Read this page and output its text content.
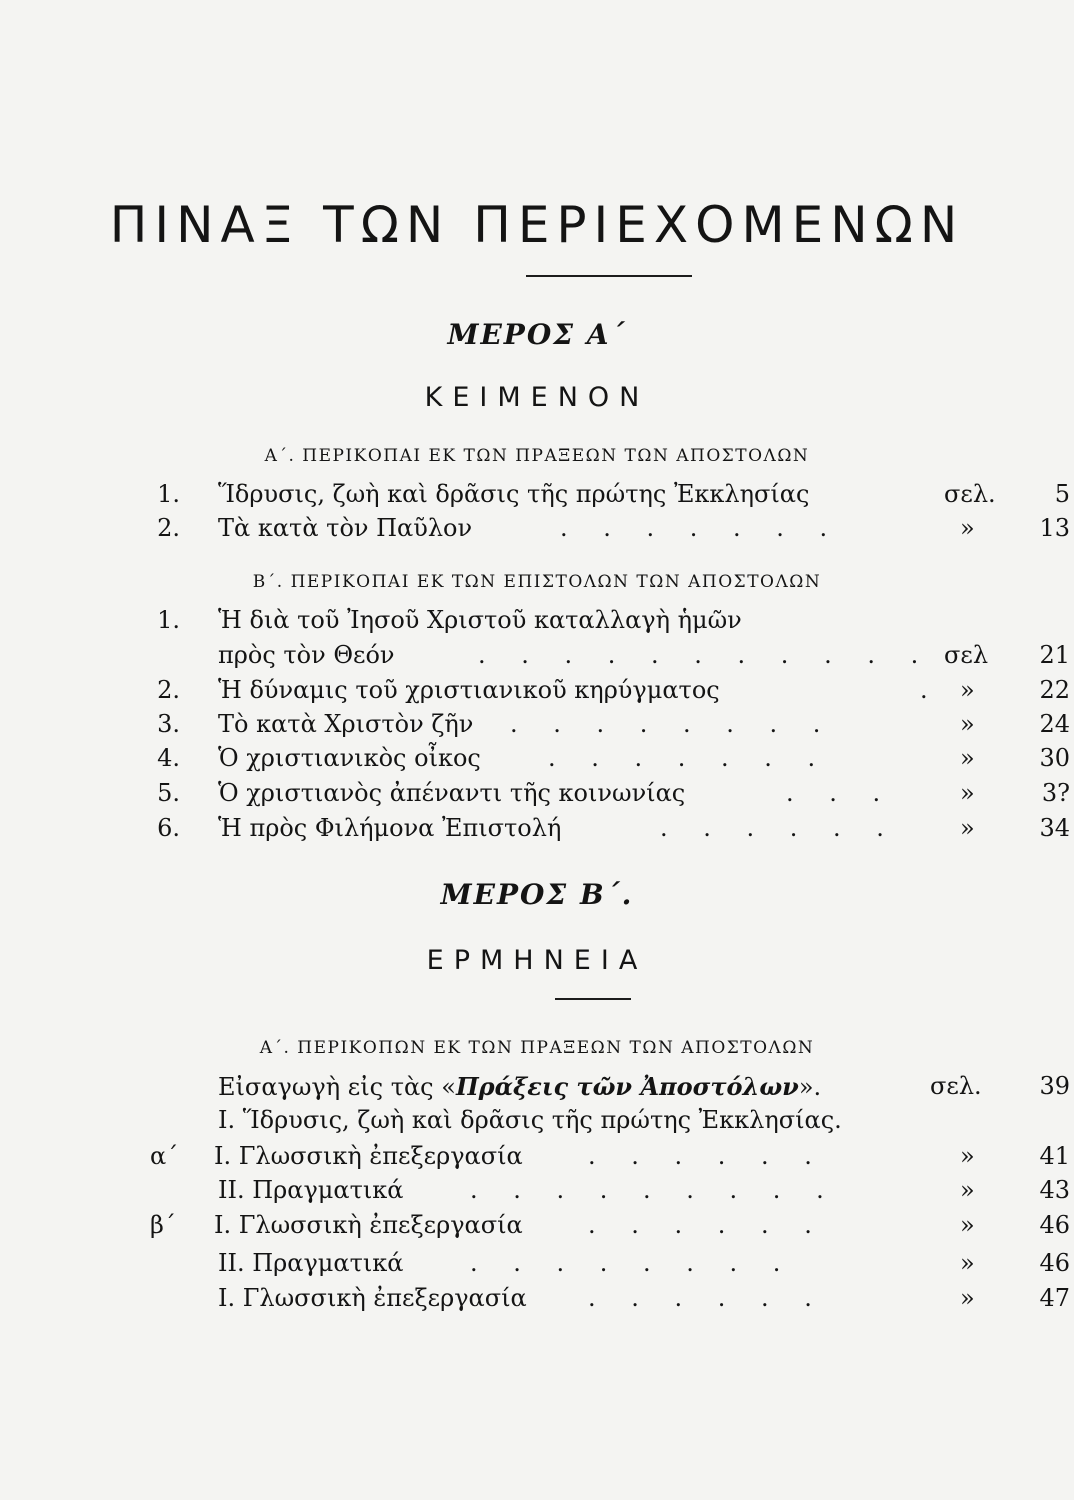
ΠΙΝΑΞ ΤΩΝ ΠΕΡΙΕΧΟΜΕΝΩΝ
ΜΕΡΟΣ Α΄
ΚΕΙΜΕΝΟΝ
Α΄. ΠΕΡΙΚΟΠΑΙ ΕΚ ΤΩΝ ΠΡΑΞΕΩΝ ΤΩΝ ΑΠΟΣΤΟΛΩΝ
1. Ἵδρυσις, ζωὴ καὶ δρᾶσις τῆς πρώτης Ἐκκλησίας	σελ. 5
2. Τὰ κατὰ τὸν Παῦλον	. . . . . . .	»	13
Β΄. ΠΕΡΙΚΟΠΑΙ ΕΚ ΤΩΝ ΕΠΙΣΤΟΛΩΝ ΤΩΝ ΑΠΟΣΤΟΛΩΝ
1. Ἡ διὰ τοῦ Ἰησοῦ Χριστοῦ καταλλαγὴ ἡμῶν
πρὸς τὸν Θεόν	. . . . . . . . . . . σελ 21
2. Ἡ δύναμις τοῦ χριστιανικοῦ κηρύγματος	. »	22
3. Τὸ κατὰ Χριστὸν ζῆν . . . . . . . .	»	24
4. Ὁ χριστιανικὸς οἶκος	. . . . . . .	»	30
5. Ὁ χριστιανὸς ἀπέναντι τῆς κοινωνίας	. . .	»	3?
6. Ἡ πρὸς Φιλήμονα Ἐπιστολή	. . . . . .	»	34
ΜΕΡΟΣ Β΄.
ΕΡΜΗΝΕΙΑ
Α΄. ΠΕΡΙΚΟΠΩΝ ΕΚ ΤΩΝ ΠΡΑΞΕΩΝ ΤΩΝ ΑΠΟΣΤΟΛΩΝ
Εἰσαγωγὴ εἰς τὰς «Πράξεις τῶν Ἀποστόλων».	σελ. 39
I. Ἵδρυσις, ζωὴ καὶ δρᾶσις τῆς πρώτης Ἐκκλησίας.
α΄ I. Γλωσσικὴ ἐπεξεργασία	. . . . . .	»	41
II. Πραγματικά	. . . . . . . . .	»	43
β΄ I. Γλωσσικὴ ἐπεξεργασία	. . . . . .	»	46
II. Πραγματικά	. . . . . . . .	»	46
I. Γλωσσικὴ ἐπεξεργασία	. . . . . .	»	47
